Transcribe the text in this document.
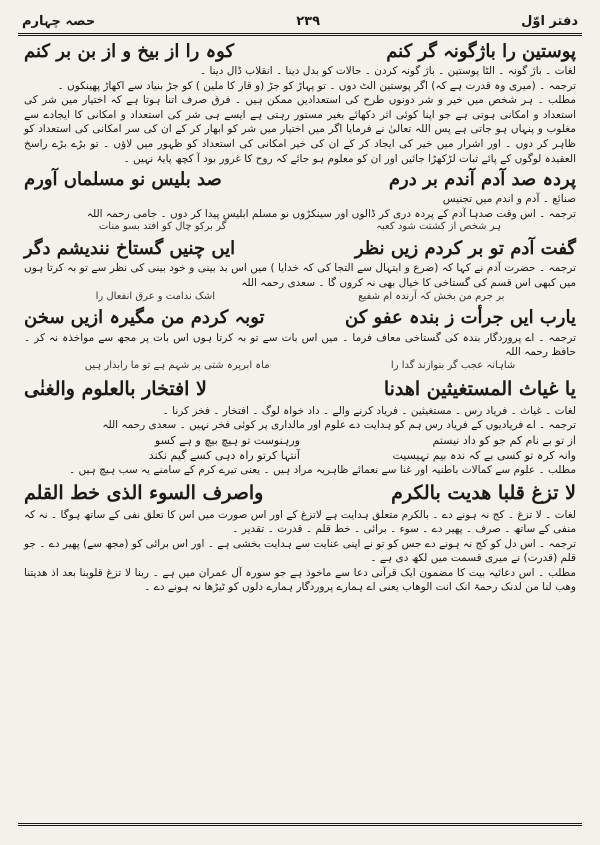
حصہ چہارم	۲۳۹	دفتر اوّل
پوستین را باژگونہ گر کنم
کوہ را از بیخ و از بن بر کنم
لغات ۔ باژ گونہ ۔ الٹا پوستین ۔ باژ گونہ کردن ۔ حالات کو بدل دینا ۔ انقلاب ڈال دینا ۔
ترجمہ ۔ (میری وہ قدرت ہے کہ) اگر پوستین الٹ دوں ۔ تو پہاڑ کو جڑ (و قار کا ملین ) کو جڑ بنیاد سے اکھاڑ پھینکوں ۔
مطلب ۔ ہر شخص میں خیر و شر دونوں طرح کی استعدادیں ممکن ہیں ۔ فرق صرف اتنا ہوتا ہے کہ اختیار میں شر کی استعداد و امکانی ہوتی ہے جو اپنا کوئی اثر دکھائے بغیر مستور رہتی ہے ایسے ہی شر کی استعداد و امکانی کا ایجادے سے مغلوب و پنہاں ہو جاتی ہے پس اللہ تعالیٰ نے فرمایا اگر میں اختیار میں شر کو ابھار کر کے ان کی سر امکانی کی استعداد کو ظاہر کر دوں ۔ اور اشرار میں خیر کی ایجاد کر کے ان کی خیر امکانی کی استعداد کو ظہور میں لاؤں ۔ تو بڑے بڑے راسخ العقیدہ لوگوں کے پائے ثبات لڑکھڑا جائیں اور ان کو معلوم ہو جائے کہ روح کا غرور بود آ کچھ پایۂ نہیں ۔
پردہ صد آدم آندم بر درم
صد بلیس نو مسلماں آورم
صنائع ۔ آدم و اندم میں تجنیس
ترجمہ ۔ اس وقت صدہا آدم کے پردہ دری کر ڈالوں اور سینکڑوں نو مسلم ابلیس پیدا کر دوں ۔ جامی رحمہ اللہ
ہر شخص از کشتت شود کعبہ
گر برکو چال کو افتد بسو منات
گفت آدم تو بر کردم زیں نظر
ایں چنیں گستاخ نندیشم دگر
ترجمہ ۔ حضرت آدم نے کہا کہ (ضرع و ابتہال سے التجا کی کہ خدایا ) میں اس بد بینی و خود بینی کی نظر سے تو بہ کرتا ہوں میں کبھی اس قسم کی گستاخی کا خیال بھی نہ کروں گا ۔ سعدی رحمہ اللہ
بر جرم من بخش کہ آرندہ ام شفیع
اشک ندامت و عرق انفعال را
یارب ایں جرأت ز بندہ عفو کن
توبہ کردم من مگیرہ ازیں سخن
ترجمہ ۔ اے پروردگار بندہ کی گستاخی معاف فرما ۔ میں اس بات سے تو بہ کرتا ہوں اس بات پر مجھ سے مواخذہ نہ کر ۔ حافظ رحمہ اللہ
شاہانہ عجب گر بنوازند گدا را
ماہ ابرپرہ شتی پر شہم ہے تو ما رابدار ہیں
یا غیاث المستغیثین اھدنا
لا افتخار بالعلوم والغنٰی
لغات ۔ غیاث ۔ فریاد رس ۔ مستغیثین ۔ فریاد کرنے والے ۔ داد خواہ لوگ ۔ افتخار ۔ فخر کرنا ۔
ترجمہ ۔ اے فریادیوں کے فریاد رس ہم کو ہدایت دے علوم اور مالداری پر کوئی فخر نہیں ۔ سعدی رحمہ اللہ
از تو بے نام کم جو کو داد نیستم
ورہنوست تو ہیچ بیچ و ہے کسو
وانہ کرہ تو کسی بے کہ ندہ بیم نہیسیت
آنتہا کرتو راہ دہی کسے گیم نکند
مطلب ۔ علوم سے کمالات باطنیہ اور غنا سے نعمائے ظاہریہ مراد ہیں ۔ یعنی تیرے کرم کے سامنے یہ سب ہیچ ہیں ۔
لا تزغ قلبا ھدیت بالکرم
واصرف السوء الذی خط القلم
لغات ۔ لا تزغ ۔ کج نہ ہونے دے ۔ بالکرم متعلق ہدایت ہے لاتزغ کے اور اس صورت میں اس کا تعلق نفی کے ساتھ ہوگا ۔ نہ کہ منفی کے ساتھ ۔ صرف ۔ پھیر دے ۔ سوء ۔ برائی ۔ خط قلم ۔ قدرت ۔ تقدیر ۔
ترجمہ ۔ اس دل کو کج نہ ہونے دے جس کو تو نے اپنی عنایت سے ہدایت بخشی ہے ۔ اور اس برائی کو (مجھ سے) پھیر دے ۔ جو قلم (قدرت) نے میری قسمت میں لکھ دی ہے ۔
مطلب ۔ اس دعائیہ بیت کا مضمون ایک قرآنی دعا سے ماخوذ ہے جو سورہ آل عمران میں ہے ۔ ربنا لا تزغ قلوبنا بعد اذ ھدیتنا وھب لنا من لدنک رحمۃ انک انت الوھاب یعنی اے ہمارے پروردگار ہمارے دلوں کو ٹیڑھا نہ ہونے دے ۔
